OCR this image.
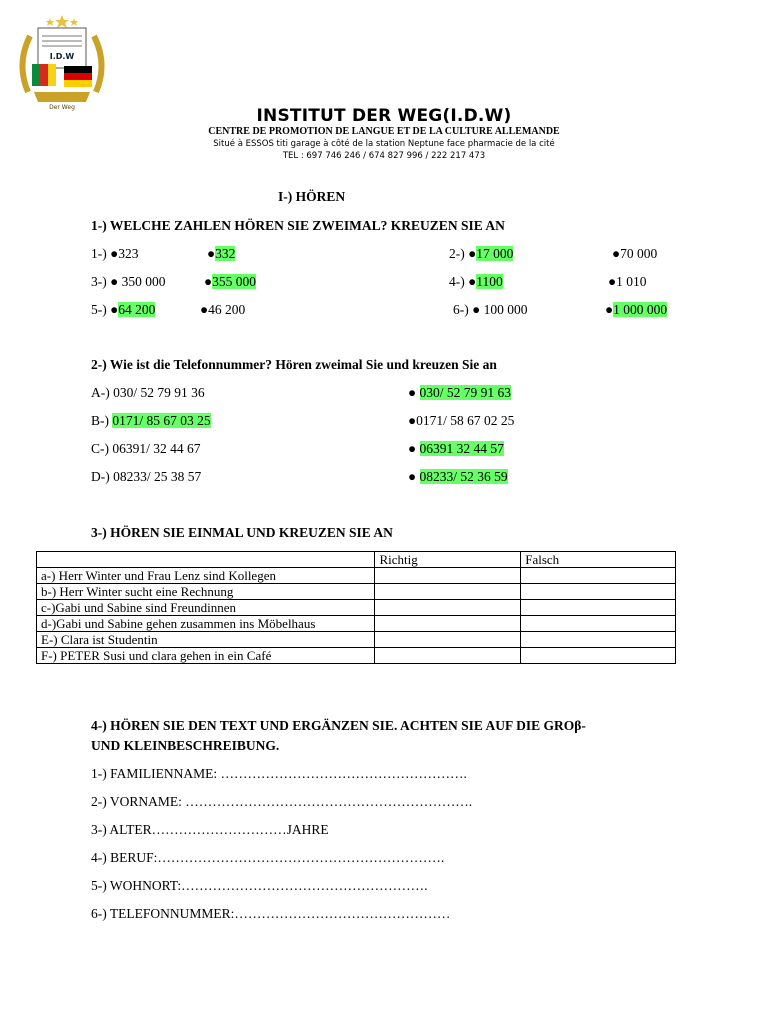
I.D.W
Der Weg	INSTITUT DER WEG(I.D.W)
CENTRE DE PROMOTION DE LANGUE ET DE LA CULTURE ALLEMANDE
Situé à ESSOS titi garage à côté de la station Neptune face pharmacie de la cité
TEL : 697 746 246 / 674 827 996 / 222 217 473
I-) HÖREN
1-) WELCHE ZAHLEN HÖREN SIE ZWEIMAL? KREUZEN SIE AN
1-) ●323	●332	2-) ●17 000	●70 000
3-) ● 350 000	●355 000	4-) ●1100	●1 010
5-) ●64 200	●46 200	6-) ● 100 000	●1 000 000
2-) Wie ist die Telefonnummer? Hören zweimal Sie und kreuzen Sie an
A-) 030/ 52 79 91 36	● 030/ 52 79 91 63
B-) 0171/ 85 67 03 25	●0171/ 58 67 02 25
C-) 06391/ 32 44 67	● 06391 32 44 57
D-) 08233/ 25 38 57	● 08233/ 52 36 59
3-) HÖREN SIE EINMAL UND KREUZEN SIE AN
	Richtig	Falsch
a-) Herr Winter und Frau Lenz sind Kollegen		
b-) Herr Winter sucht eine Rechnung		
c-)Gabi und Sabine sind Freundinnen		
d-)Gabi und Sabine gehen zusammen ins Möbelhaus		
E-) Clara ist Studentin		
F-) PETER Susi und clara gehen in ein Café		
4-) HÖREN SIE DEN TEXT UND ERGÄNZEN SIE. ACHTEN SIE AUF DIE GROβ-
UND KLEINBESCHREIBUNG.
1-) FAMILIENNAME: ……………………………………………….
2-) VORNAME: ……………………………………………………….
3-) ALTER…………………………JAHRE
4-) BERUF:……………………………………………………….
5-) WOHNORT:……………………………………………….
6-) TELEFONNUMMER:…………………………………………
